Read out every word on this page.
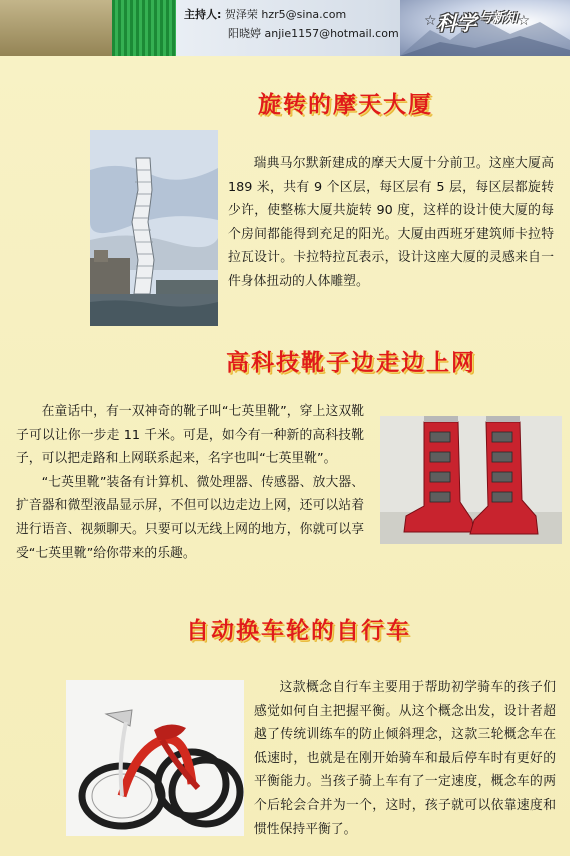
主持人: 贺泽荣 hzr5@sina.com
阳晓婷 anjie1157@hotmail.com
☆ 科学 与新知 ☆
旋转的摩天大厦

瑞典马尔默新建成的摩天大厦十分前卫。这座大厦高 189 米，共有 9 个区层，每区层有 5 层，每区层都旋转少许，使整栋大厦共旋转 90 度，这样的设计使大厦的每个房间都能得到充足的阳光。大厦由西班牙建筑师卡拉特拉瓦设计。卡拉特拉瓦表示，设计这座大厦的灵感来自一件身体扭动的人体雕塑。

高科技靴子边走边上网

在童话中，有一双神奇的靴子叫“七英里靴”，穿上这双靴子可以让你一步走 11 千米。可是，如今有一种新的高科技靴子，可以把走路和上网联系起来，名字也叫“七英里靴”。

“七英里靴”装备有计算机、微处理器、传感器、放大器、扩音器和微型液晶显示屏，不但可以边走边上网，还可以站着进行语音、视频聊天。只要可以无线上网的地方，你就可以享受“七英里靴”给你带来的乐趣。

自动换车轮的自行车

这款概念自行车主要用于帮助初学骑车的孩子们感觉如何自主把握平衡。从这个概念出发，设计者超越了传统训练车的防止倾斜理念，这款三轮概念车在低速时，也就是在刚开始骑车和最后停车时有更好的平衡能力。当孩子骑上车有了一定速度，概念车的两个后轮会合并为一个，这时，孩子就可以依靠速度和惯性保持平衡了。
